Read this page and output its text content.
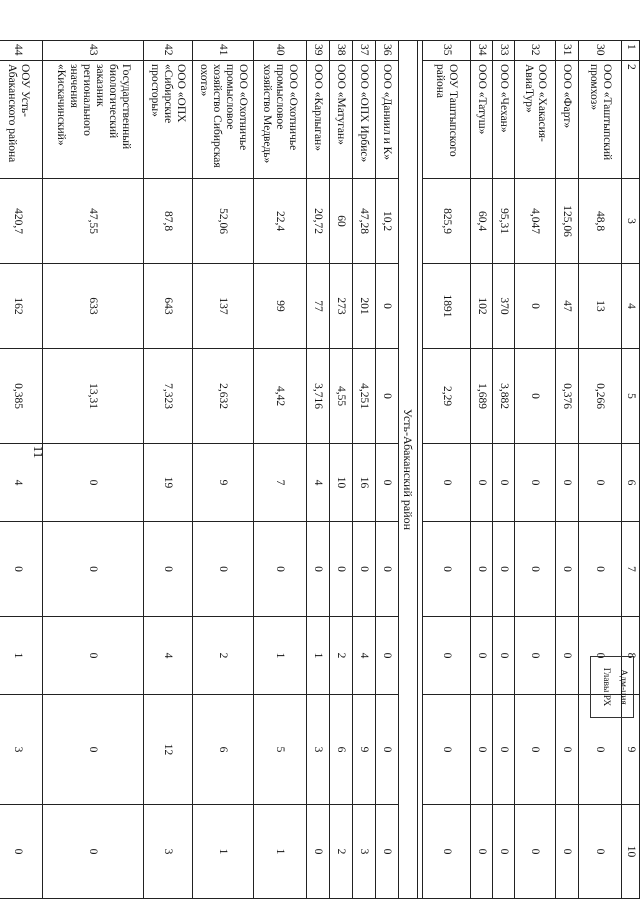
11
1	2	3	4	5	6	7	8	9	10
30	ООО «Таштыпский промхоз»	48,8	13	0,266	0	0	0	0	0
31	ООО «Фарт»	125,06	47	0,376	0	0	0	0	0
32	ООО «Хакасия-АвиаТур»	4,047	0	0	0	0	0	0	0
33	ООО «Чехан»	95,31	370	3,882	0	0	0	0	0
34	ООО «Татуш»	60,4	102	1,689	0	0	0	0	0
35	ООУ Таштыпского района	825,9	1891	2,29	0	0	0	0	0

Усть-Абаканский район									
36	ООО «Даниил и К»	10,2	0	0	0	0	0	0	0
37	ООО «ОПХ Ирбис»	47,28	201	4,251	16	0	4	9	3
38	ООО «Матуган»	60	273	4,55	10	0	2	6	2
39	ООО «Карлыган»	20,72	77	3,716	4	0	1	3	0
40	ООО «Охотничье промысловое хозяйство Медведь»	22,4	99	4,42	7	0	1	5	1
41	ООО «Охотничье промысловое хозяйство Сибирская охота»	52,06	137	2,632	9	0	2	6	1
42	ООО «ОПХ «Сибирские просторы»	87,8	643	7,323	19	0	4	12	3
43	Государственный биологический заказник регионального значения «Кискачинский»	47,55	633	13,31	0	0	0	0	0
44	ООУ Усть-Абаканского района	420,7	162	0,385	4	0	1	3	0

Адм-ция
Главы РХ
